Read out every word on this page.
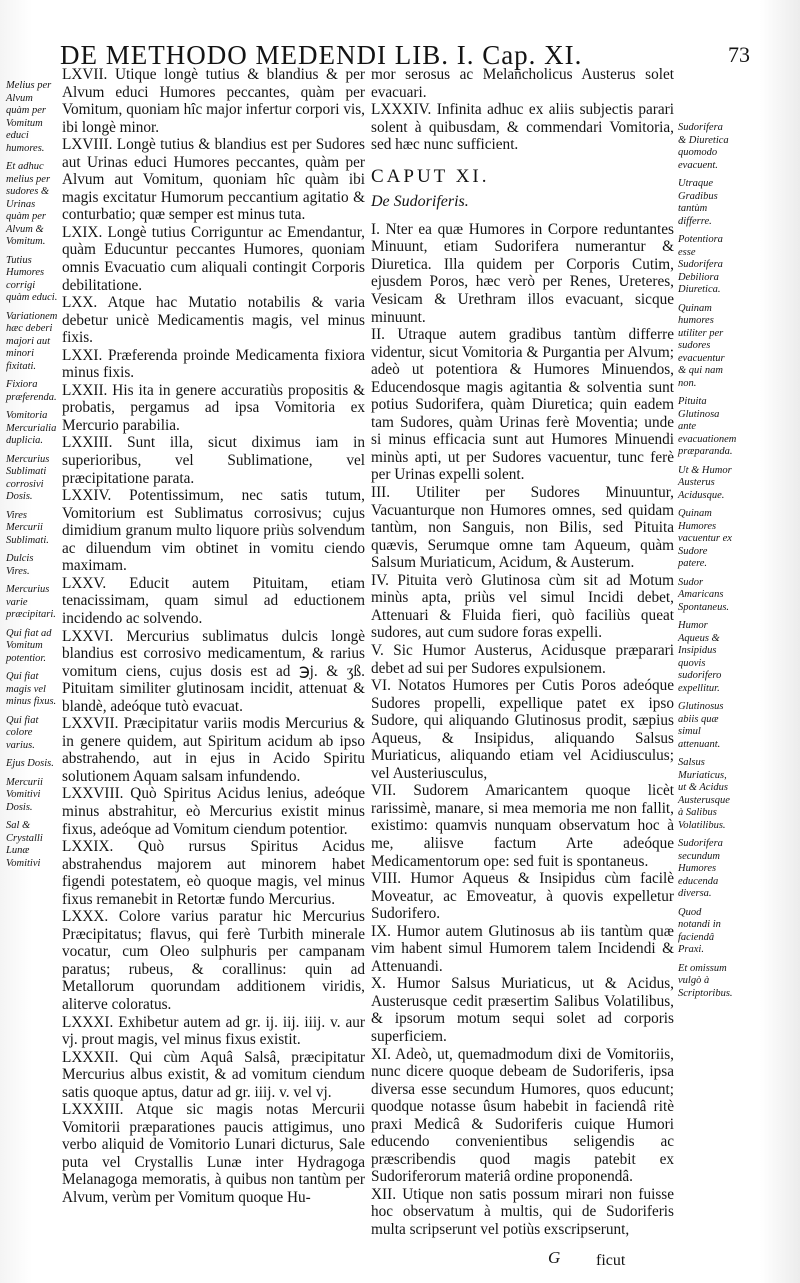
DE METHODO MEDENDI LIB. I. Cap. XI.	73

Melius per Alvum quàm per Vomitum educi humores.

Et adhuc melius per sudores & Urinas quàm per Alvum & Vomitum.

Tutius Humores corrigi quàm educi.

Variationem hæc deberi majori aut minori fixitati.

Fixiora præferenda.

Vomitoria Mercurialia duplicia.

Mercurius Sublimati corrosivi Dosis.

Vires Mercurii Sublimati.

Dulcis Vires.

Mercurius varie præcipitari.

Qui fiat ad Vomitum potentior.

Qui fiat magis vel minus fixus.

Qui fiat colore varius.

Ejus Dosis.

Mercurii Vomitivi Dosis.

Sal & Crystalli Lunæ Vomitivi

LXVII. Utique longè tutius & blandius & per Alvum educi Humores peccantes, quàm per Vomitum, quoniam hîc major infertur corpori vis, ibi longè minor.

LXVIII. Longè tutius & blandius est per Sudores aut Urinas educi Humores peccantes, quàm per Alvum aut Vomitum, quoniam hîc quàm ibi magis excitatur Humorum peccantium agitatio & conturbatio; quæ semper est minus tuta.

LXIX. Longè tutius Corriguntur ac Emendantur, quàm Educuntur peccantes Humores, quoniam omnis Evacuatio cum aliquali contingit Corporis debilitatione.

LXX. Atque hac Mutatio notabilis & varia debetur unicè Medicamentis magis, vel minus fixis.

LXXI. Præferenda proinde Medicamenta fixiora minus fixis.

LXXII. His ita in genere accuratiùs propositis & probatis, pergamus ad ipsa Vomitoria ex Mercurio parabilia.

LXXIII. Sunt illa, sicut diximus iam in superioribus, vel Sublimatione, vel præcipitatione parata.

LXXIV. Potentissimum, nec satis tutum, Vomitorium est Sublimatus corrosivus; cujus dimidium granum multo liquore priùs solvendum ac diluendum vim obtinet in vomitu ciendo maximam.

LXXV. Educit autem Pituitam, etiam tenacissimam, quam simul ad eductionem incidendo ac solvendo.

LXXVI. Mercurius sublimatus dulcis longè blandius est corrosivo medicamentum, & rarius vomitum ciens, cujus dosis est ad ℈j. & ʒß. Pituitam similiter glutinosam incidit, attenuat & blandè, adeóque tutò evacuat.

LXXVII. Præcipitatur variis modis Mercurius & in genere quidem, aut Spiritum acidum ab ipso abstrahendo, aut in ejus in Acido Spiritu solutionem Aquam salsam infundendo.

LXXVIII. Quò Spiritus Acidus lenius, adeóque minus abstrahitur, eò Mercurius existit minus fixus, adeóque ad Vomitum ciendum potentior.

LXXIX. Quò rursus Spiritus Acidus abstrahendus majorem aut minorem habet figendi potestatem, eò quoque magis, vel minus fixus remanebit in Retortæ fundo Mercurius.

LXXX. Colore varius paratur hic Mercurius Præcipitatus; flavus, qui ferè Turbith minerale vocatur, cum Oleo sulphuris per campanam paratus; rubeus, & corallinus: quin ad Metallorum quorundam additionem viridis, aliterve coloratus.

LXXXI. Exhibetur autem ad gr. ij. iij. iiij. v. aur vj. prout magis, vel minus fixus existit.

LXXXII. Qui cùm Aquâ Salsâ, præcipitatur Mercurius albus existit, & ad vomitum ciendum satis quoque aptus, datur ad gr. iiij. v. vel vj.

LXXXIII. Atque sic magis notas Mercurii Vomitorii præparationes paucis attigimus, uno verbo aliquid de Vomitorio Lunari dicturus, Sale puta vel Crystallis Lunæ inter Hydragoga Melanagoga memoratis, à quibus non tantùm per Alvum, verùm per Vomitum quoque Hu-

mor serosus ac Melancholicus Austerus solet evacuari.

LXXXIV. Infinita adhuc ex aliis subjectis parari solent à quibusdam, & commendari Vomitoria, sed hæc nunc sufficient.

CAPUT XI.

De Sudoriferis.

I. Nter ea quæ Humores in Corpore reduntantes Minuunt, etiam Sudorifera numerantur & Diuretica. Illa quidem per Corporis Cutim, ejusdem Poros, hæc verò per Renes, Ureteres, Vesicam & Urethram illos evacuant, sicque minuunt.

II. Utraque autem gradibus tantùm differre videntur, sicut Vomitoria & Purgantia per Alvum; adeò ut potentiora & Humores Minuendos, Educendosque magis agitantia & solventia sunt potius Sudorifera, quàm Diuretica; quin eadem tam Sudores, quàm Urinas ferè Moventia; unde si minus efficacia sunt aut Humores Minuendi minùs apti, ut per Sudores vacuentur, tunc ferè per Urinas expelli solent.

III. Utiliter per Sudores Minuuntur, Vacuanturque non Humores omnes, sed quidam tantùm, non Sanguis, non Bilis, sed Pituita quævis, Serumque omne tam Aqueum, quàm Salsum Muriaticum, Acidum, & Austerum.

IV. Pituita verò Glutinosa cùm sit ad Motum minùs apta, priùs vel simul Incidi debet, Attenuari & Fluida fieri, quò faciliùs queat sudores, aut cum sudore foras expelli.

V. Sic Humor Austerus, Acidusque præparari debet ad sui per Sudores expulsionem.

VI. Notatos Humores per Cutis Poros adeóque Sudores propelli, expellique patet ex ipso Sudore, qui aliquando Glutinosus prodit, sæpius Aqueus, & Insipidus, aliquando Salsus Muriaticus, aliquando etiam vel Acidiusculus; vel Austeriusculus,

VII. Sudorem Amaricantem quoque licèt rarissimè, manare, si mea memoria me non fallit, existimo: quamvis nunquam observatum hoc à me, aliisve factum Arte adeóque Medicamentorum ope: sed fuit is spontaneus.

VIII. Humor Aqueus & Insipidus cùm facilè Moveatur, ac Emoveatur, à quovis expelletur Sudorifero.

IX. Humor autem Glutinosus ab iis tantùm quæ vim habent simul Humorem talem Incidendi & Attenuandi.

X. Humor Salsus Muriaticus, ut & Acidus, Austerusque cedit præsertim Salibus Volatilibus, & ipsorum motum sequi solet ad corporis superficiem.

XI. Adeò, ut, quemadmodum dixi de Vomitoriis, nunc dicere quoque debeam de Sudoriferis, ipsa diversa esse secundum Humores, quos educunt; quodque notasse ûsum habebit in faciendâ ritè praxi Medicâ & Sudoriferis cuique Humori educendo convenientibus seligendis ac præscribendis quod magis patebit ex Sudoriferorum materiâ ordine proponendâ.

XII. Utique non satis possum mirari non fuisse hoc observatum à multis, qui de Sudoriferis multa scripserunt vel potiùs exscripserunt,

Sudorifera & Diuretica quomodo evacuent.

Utraque Gradibus tantùm differre.

Potentiora esse Sudorifera Debiliora Diuretica.

Quinam humores utiliter per sudores evacuentur & qui nam non.

Pituita Glutinosa ante evacuationem præparanda.

Ut & Humor Austerus Acidusque.

Quinam Humores vacuentur ex Sudore patere.

Sudor Amaricans Spontaneus.

Humor Aqueus & Insipidus quovis sudorifero expellitur.

Glutinosus abiis quæ simul attenuant.

Salsus Muriaticus, ut & Acidus Austerusque à Salibus Volatilibus.

Sudorifera secundum Humores educenda diversa.

Quod notandi in faciendâ Praxi.

Et omissum vulgò à Scriptoribus.

G ficut
